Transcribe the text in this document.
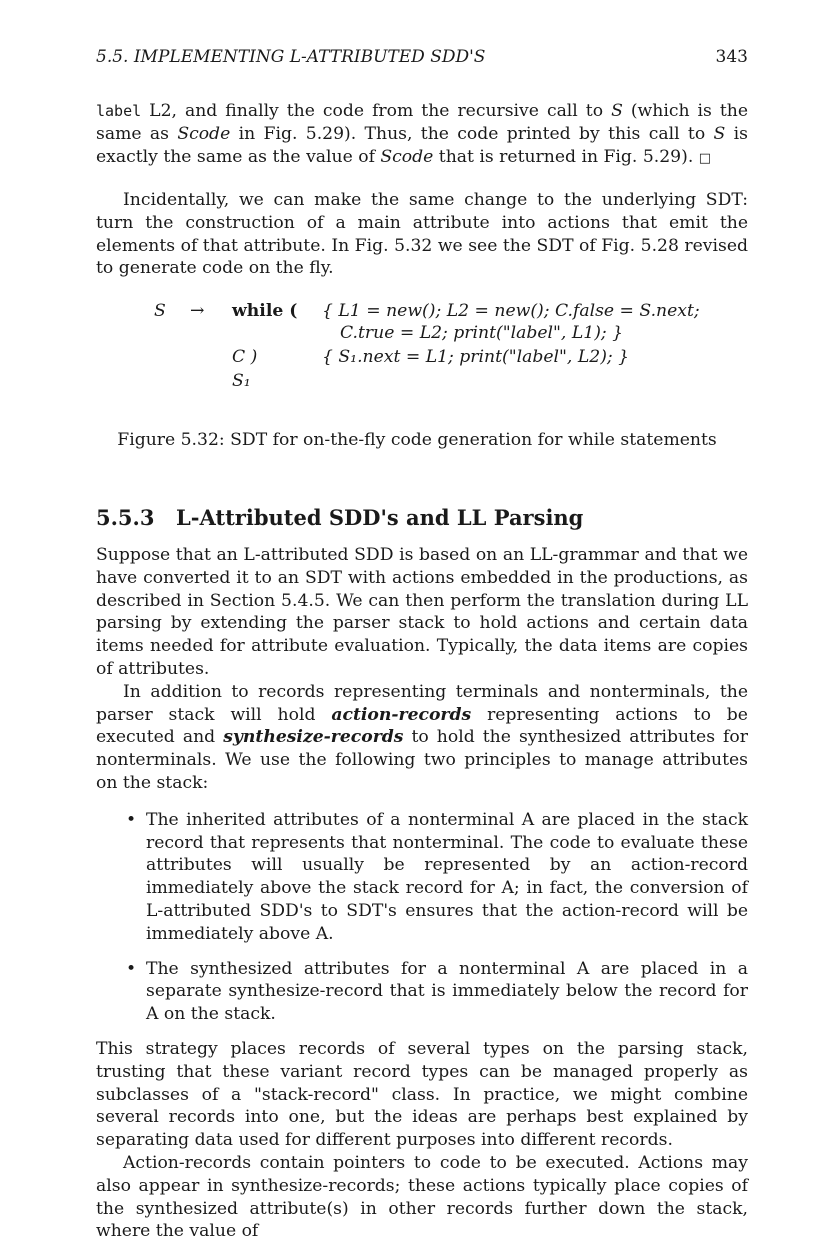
5.5. IMPLEMENTING L-ATTRIBUTED SDD'S	343

label L2, and finally the code from the recursive call to S (which is the same as Scode in Fig. 5.29). Thus, the code printed by this call to S is exactly the same as the value of Scode that is returned in Fig. 5.29). □

Incidentally, we can make the same change to the underlying SDT: turn the construction of a main attribute into actions that emit the elements of that attribute. In Fig. 5.32 we see the SDT of Fig. 5.28 revised to generate code on the fly.

S → while ( { L1 = new(); L2 = new(); C.false = S.next;
C.true = L2; print("label", L1); }
C )	{ S₁.next = L1; print("label", L2); }
S₁
Figure 5.32: SDT for on-the-fly code generation for while statements
5.5.3 L-Attributed SDD's and LL Parsing

Suppose that an L-attributed SDD is based on an LL-grammar and that we have converted it to an SDT with actions embedded in the productions, as described in Section 5.4.5. We can then perform the translation during LL parsing by extending the parser stack to hold actions and certain data items needed for attribute evaluation. Typically, the data items are copies of attributes.

In addition to records representing terminals and nonterminals, the parser stack will hold action-records representing actions to be executed and synthesize-records to hold the synthesized attributes for nonterminals. We use the following two principles to manage attributes on the stack:

• The inherited attributes of a nonterminal A are placed in the stack record that represents that nonterminal. The code to evaluate these attributes will usually be represented by an action-record immediately above the stack record for A; in fact, the conversion of L-attributed SDD's to SDT's ensures that the action-record will be immediately above A.
• The synthesized attributes for a nonterminal A are placed in a separate synthesize-record that is immediately below the record for A on the stack.

This strategy places records of several types on the parsing stack, trusting that these variant record types can be managed properly as subclasses of a "stack-record" class. In practice, we might combine several records into one, but the ideas are perhaps best explained by separating data used for different purposes into different records.

Action-records contain pointers to code to be executed. Actions may also appear in synthesize-records; these actions typically place copies of the synthesized attribute(s) in other records further down the stack, where the value of
